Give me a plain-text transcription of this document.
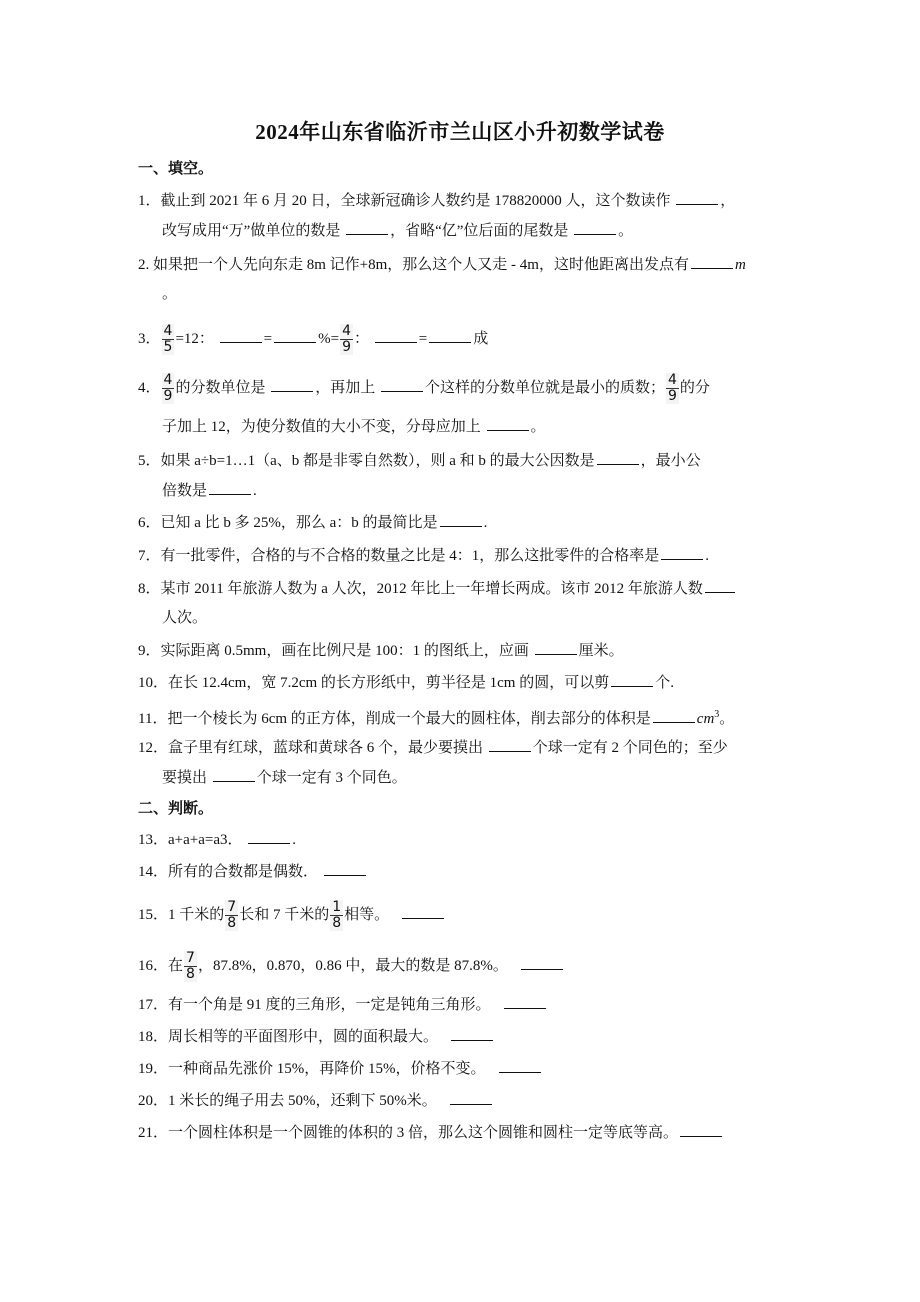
2024年山东省临沂市兰山区小升初数学试卷
一、填空。
1．截止到 2021 年 6 月 20 日，全球新冠确诊人数约是 178820000 人，这个数读作	，
改写成用“万”做单位的数是	，省略“亿”位后面的尾数是	。
2. 如果把一个人先向东走 8m 记作+8m，那么这个人又走 - 4m，这时他距离出发点有	m
。
3． $\frac{4}{5} =12$：	=	%= $\frac{4}{9}$ ：	=	成
4． $\frac{4}{9}$ 的分数单位是	，再加上	个这样的分数单位就是最小的质数； $\frac{4}{9}$ 的分
子加上 12，为使分数值的大小不变，分母应加上	。
5．如果 a÷b=1…1（a、b 都是非零自然数），则 a 和 b 的最大公因数是	，最小公
倍数是	.
6．已知 a 比 b 多 25%，那么 a：b 的最简比是	.
7．有一批零件，合格的与不合格的数量之比是 4：1，那么这批零件的合格率是	.
8．某市 2011 年旅游人数为 a 人次，2012 年比上一年增长两成。该市 2012 年旅游人数
人次。
9．实际距离 0.5mm，画在比例尺是 100：1 的图纸上，应画	厘米。
10．在长 12.4cm，宽 7.2cm 的长方形纸中，剪半径是 1cm 的圆，可以剪	个.
11．把一个棱长为 6cm 的正方体，削成一个最大的圆柱体，削去部分的体积是	$cm^3$。
12．盒子里有红球，蓝球和黄球各 6 个，最少要摸出	个球一定有 2 个同色的；至少
要摸出	个球一定有 3 个同色。
二、判断。
13．a+a+a=a3．	.
14．所有的合数都是偶数．
15．1 千米的 $\frac{7}{8}$ 长和 7 千米的 $\frac{1}{8}$ 相等。
16．在 $\frac{7}{8}$ ，87.8%，0.870，0.86 中，最大的数是 87.8%。
17．有一个角是 91 度的三角形，一定是钝角三角形。
18．周长相等的平面图形中，圆的面积最大。
19．一种商品先涨价 15%，再降价 15%，价格不变。
20．1 米长的绳子用去 50%，还剩下 50%米。
21．一个圆柱体积是一个圆锥的体积的 3 倍，那么这个圆锥和圆柱一定等底等高。
